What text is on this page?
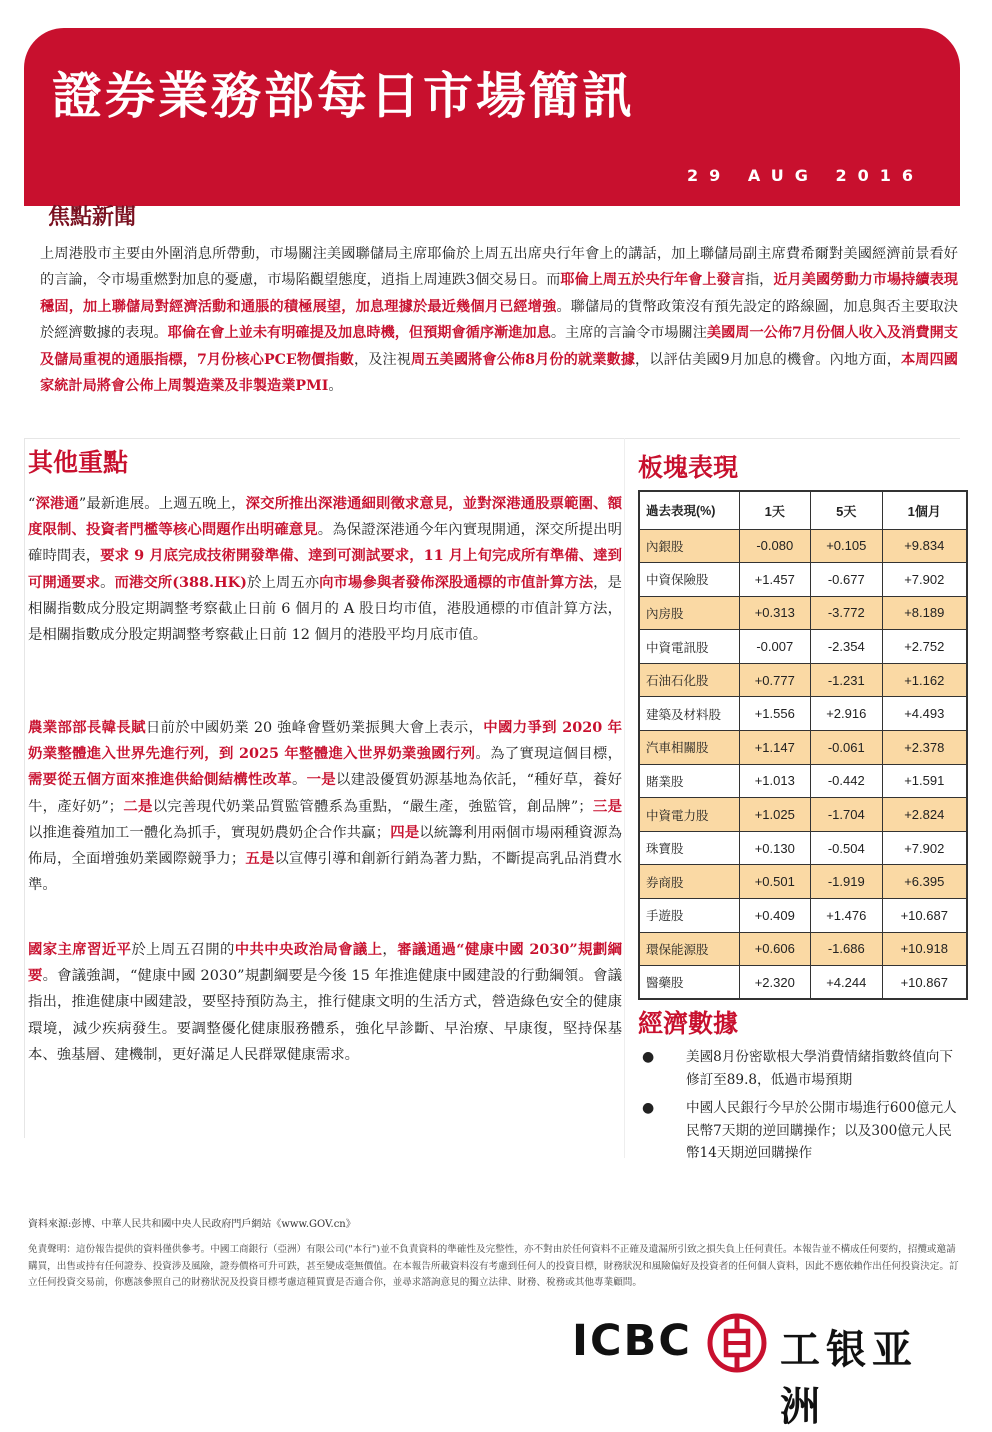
證券業務部每日市場簡訊
29 AUG 2016
焦點新聞
上周港股市主要由外圍消息所帶動，市場關注美國聯儲局主席耶倫於上周五出席央行年會上的講話，加上聯儲局副主席費希爾對美國經濟前景看好的言論，令市場重燃對加息的憂慮，市場陷觀望態度，逍指上周連跌3個交易日。而耶倫上周五於央行年會上發言指，近月美國勞動力市場持續表現穩固，加上聯儲局對經濟活動和通脹的積極展望，加息理據於最近幾個月已經增強。聯儲局的貨幣政策沒有預先設定的路線圖，加息與否主要取決於經濟數據的表現。耶倫在會上並未有明確提及加息時機，但預期會循序漸進加息。主席的言論令市場關注美國周一公佈7月份個人收入及消費開支及儲局重視的通脹指標，7月份核心PCE物價指數，及注視周五美國將會公佈8月份的就業數據，以評估美國9月加息的機會。內地方面，本周四國家統計局將會公佈上周製造業及非製造業PMI。
其他重點

“深港通”最新進展。上週五晚上，深交所推出深港通細則徵求意見，並對深港通股票範圍、額度限制、投資者門檻等核心問題作出明確意見。為保證深港通今年內實現開通，深交所提出明確時間表，要求 9 月底完成技術開發準備、達到可測試要求，11 月上旬完成所有準備、達到可開通要求。而港交所(388.HK)於上周五亦向市場參與者發佈深股通標的市值計算方法，是相關指數成分股定期調整考察截止日前 6 個月的 A 股日均市值，港股通標的市值計算方法，是相關指數成分股定期調整考察截止日前 12 個月的港股平均月底市值。

農業部部長韓長賦日前於中國奶業 20 強峰會暨奶業振興大會上表示，中國力爭到 2020 年奶業整體進入世界先進行列，到 2025 年整體進入世界奶業強國行列。為了實現這個目標，需要從五個方面來推進供給側結構性改革。一是以建設優質奶源基地為依託，“種好草，養好牛，產好奶”；二是以完善現代奶業品質監管體系為重點，“嚴生產，強監管，創品牌”；三是以推進養殖加工一體化為抓手，實現奶農奶企合作共贏；四是以統籌利用兩個市場兩種資源為佈局，全面增強奶業國際競爭力；五是以宣傳引導和創新行銷為著力點，不斷提高乳品消費水準。

國家主席習近平於上周五召開的中共中央政治局會議上，審議通過“健康中國 2030”規劃綱要。會議強調，“健康中國 2030”規劃綱要是今後 15 年推進健康中國建設的行動綱領。會議指出，推進健康中國建設，要堅持預防為主，推行健康文明的生活方式，營造綠色安全的健康環境，減少疾病發生。要調整優化健康服務體系，強化早診斷、早治療、早康復，堅持保基本、強基層、建機制，更好滿足人民群眾健康需求。

板塊表現
過去表現(%)	1天	5天	1個月
內銀股	-0.080	+0.105	+9.834
中資保險股	+1.457	-0.677	+7.902
內房股	+0.313	-3.772	+8.189
中資電訊股	-0.007	-2.354	+2.752
石油石化股	+0.777	-1.231	+1.162
建築及材料股	+1.556	+2.916	+4.493
汽車相關股	+1.147	-0.061	+2.378
賭業股	+1.013	-0.442	+1.591
中資電力股	+1.025	-1.704	+2.824
珠寶股	+0.130	-0.504	+7.902
券商股	+0.501	-1.919	+6.395
手遊股	+0.409	+1.476	+10.687
環保能源股	+0.606	-1.686	+10.918
醫藥股	+2.320	+4.244	+10.867
經濟數據
● 美國8月份密歇根大學消費情緒指數終值向下修訂至89.8，低過市場預期
● 中國人民銀行今早於公開市場進行600億元人民幣7天期的逆回購操作；以及300億元人民幣14天期逆回購操作
資料來源:彭博、中華人民共和國中央人民政府門戶網站《www.GOV.cn》
免責聲明：這份報告提供的資料僅供參考。中國工商銀行（亞洲）有限公司("本行")並不負責資料的準確性及完整性，亦不對由於任何資料不正確及遺漏所引致之損失負上任何責任。本報告並不構成任何要約，招攬或邀請購買，出售或持有任何證券、投資涉及風險，證券價格可升可跌，甚至變成毫無價值。在本報告所載資料沒有考慮到任何人的投資目標，財務狀況和風險偏好及投資者的任何個人資料，因此不應依賴作出任何投資決定。訂立任何投資交易前，你應該參照自己的財務狀況及投資目標考慮這種買賣是否適合你，並尋求諮詢意見的獨立法律、財務、稅務或其他專業顧問。
ICBC 工银亚洲
